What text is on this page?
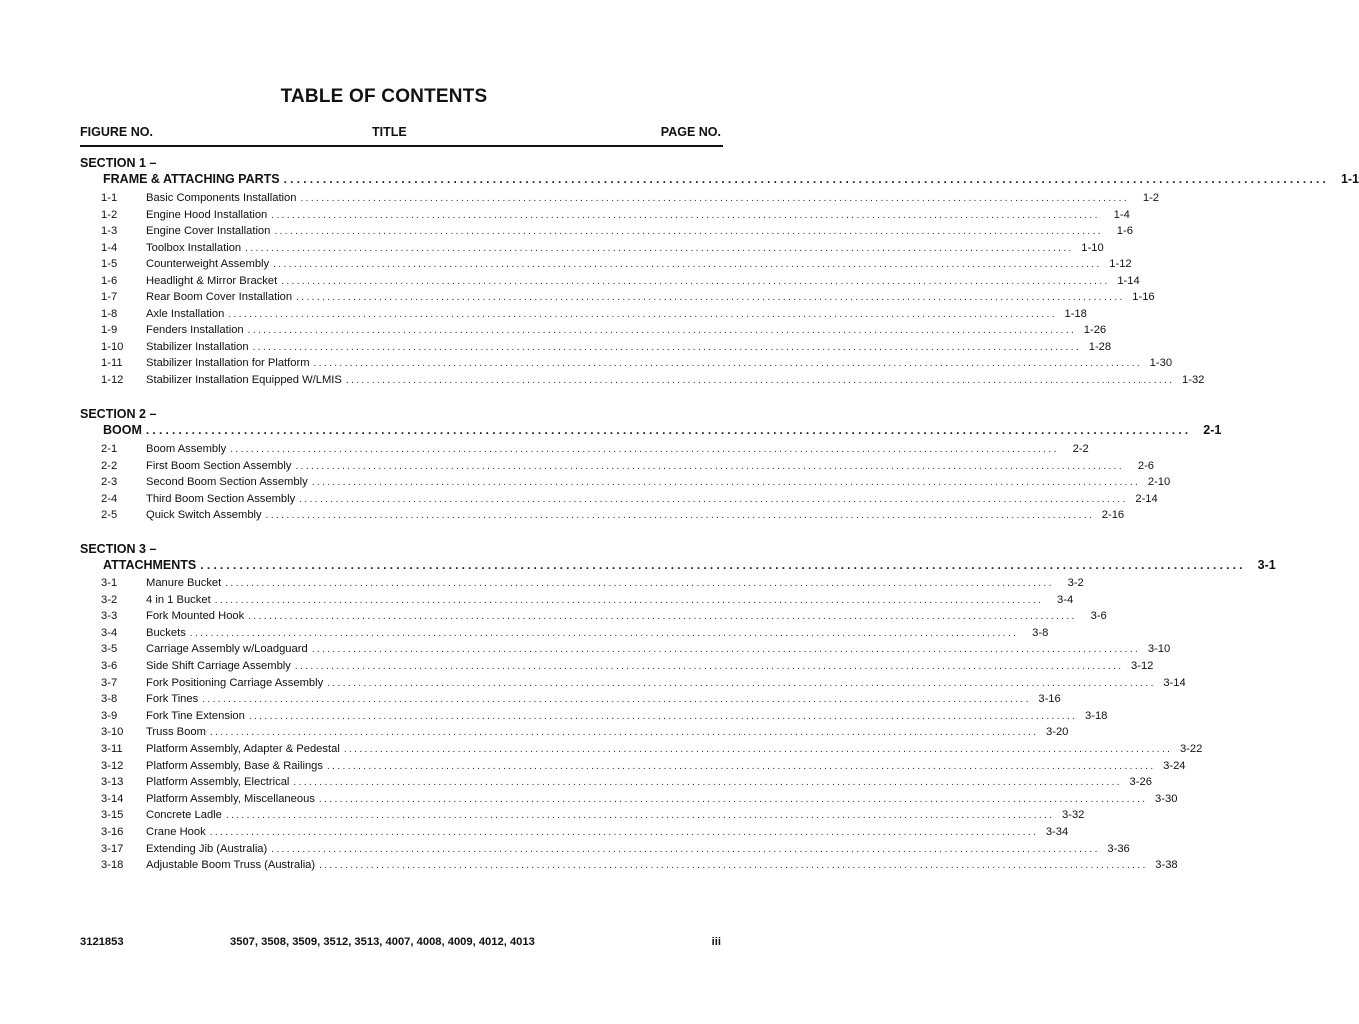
TABLE OF CONTENTS
FIGURE NO.	TITLE	PAGE NO.
SECTION 1 –
FRAME & ATTACHING PARTS ................................................................................................................................................................ 1-1
1-1	Basic Components Installation ................................................................................................................................................................	1-2
1-2	Engine Hood Installation ................................................................................................................................................................	1-4
1-3	Engine Cover Installation ................................................................................................................................................................	1-6
1-4	Toolbox Installation ................................................................................................................................................................ 1-10
1-5	Counterweight Assembly ................................................................................................................................................................ 1-12
1-6	Headlight & Mirror Bracket ................................................................................................................................................................ 1-14
1-7	Rear Boom Cover Installation ................................................................................................................................................................ 1-16
1-8	Axle Installation ................................................................................................................................................................ 1-18
1-9	Fenders Installation ................................................................................................................................................................ 1-26
1-10	Stabilizer Installation ................................................................................................................................................................ 1-28
1-11	Stabilizer Installation for Platform ................................................................................................................................................................ 1-30
1-12	Stabilizer Installation Equipped W/LMIS ................................................................................................................................................................ 1-32
SECTION 2 –
BOOM ................................................................................................................................................................ 2-1
2-1	Boom Assembly ................................................................................................................................................................	2-2
2-2	First Boom Section Assembly ................................................................................................................................................................	2-6
2-3	Second Boom Section Assembly ................................................................................................................................................................ 2-10
2-4	Third Boom Section Assembly ................................................................................................................................................................ 2-14
2-5	Quick Switch Assembly ................................................................................................................................................................ 2-16
SECTION 3 –
ATTACHMENTS ................................................................................................................................................................ 3-1
3-1	Manure Bucket ................................................................................................................................................................	3-2
3-2	4 in 1 Bucket ................................................................................................................................................................	3-4
3-3	Fork Mounted Hook ................................................................................................................................................................	3-6
3-4	Buckets ................................................................................................................................................................	3-8
3-5	Carriage Assembly w/Loadguard ................................................................................................................................................................ 3-10
3-6	Side Shift Carriage Assembly ................................................................................................................................................................ 3-12
3-7	Fork Positioning Carriage Assembly ................................................................................................................................................................ 3-14
3-8	Fork Tines ................................................................................................................................................................ 3-16
3-9	Fork Tine Extension ................................................................................................................................................................ 3-18
3-10	Truss Boom ................................................................................................................................................................ 3-20
3-11	Platform Assembly, Adapter & Pedestal ................................................................................................................................................................ 3-22
3-12	Platform Assembly, Base & Railings ................................................................................................................................................................ 3-24
3-13	Platform Assembly, Electrical ................................................................................................................................................................ 3-26
3-14	Platform Assembly, Miscellaneous ................................................................................................................................................................ 3-30
3-15	Concrete Ladle ................................................................................................................................................................ 3-32
3-16	Crane Hook ................................................................................................................................................................ 3-34
3-17	Extending Jib (Australia) ................................................................................................................................................................ 3-36
3-18	Adjustable Boom Truss (Australia) ................................................................................................................................................................ 3-38
3121853	3507, 3508, 3509, 3512, 3513, 4007, 4008, 4009, 4012, 4013	iii
